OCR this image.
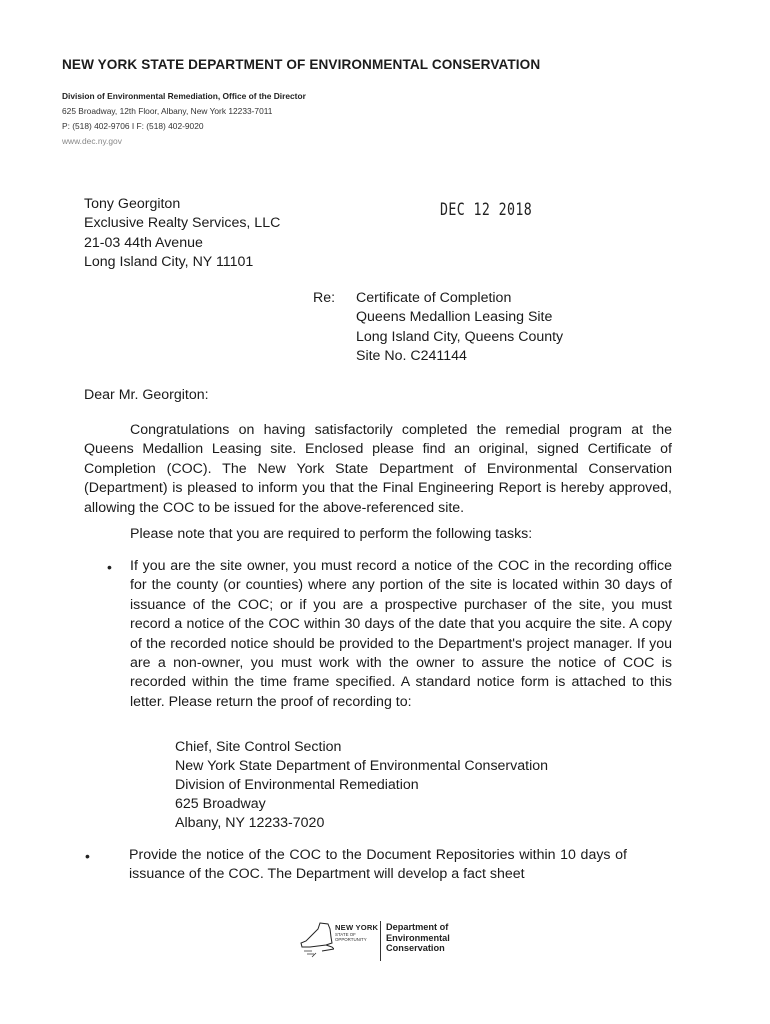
NEW YORK STATE DEPARTMENT OF ENVIRONMENTAL CONSERVATION
Division of Environmental Remediation, Office of the Director
625 Broadway, 12th Floor, Albany, New York 12233-7011
P: (518) 402-9706 I F: (518) 402-9020
www.dec.ny.gov
Tony Georgiton
Exclusive Realty Services, LLC
21-03 44th Avenue
Long Island City, NY 11101
DEC 12 2018
Re: Certificate of Completion
Queens Medallion Leasing Site
Long Island City, Queens County
Site No. C241144
Dear Mr. Georgiton:
Congratulations on having satisfactorily completed the remedial program at the Queens Medallion Leasing site. Enclosed please find an original, signed Certificate of Completion (COC). The New York State Department of Environmental Conservation (Department) is pleased to inform you that the Final Engineering Report is hereby approved, allowing the COC to be issued for the above-referenced site.
Please note that you are required to perform the following tasks:
• If you are the site owner, you must record a notice of the COC in the recording office for the county (or counties) where any portion of the site is located within 30 days of issuance of the COC; or if you are a prospective purchaser of the site, you must record a notice of the COC within 30 days of the date that you acquire the site. A copy of the recorded notice should be provided to the Department's project manager. If you are a non-owner, you must work with the owner to assure the notice of COC is recorded within the time frame specified. A standard notice form is attached to this letter. Please return the proof of recording to:
Chief, Site Control Section
New York State Department of Environmental Conservation
Division of Environmental Remediation
625 Broadway
Albany, NY 12233-7020
•	Provide the notice of the COC to the Document Repositories within 10 days of issuance of the COC. The Department will develop a fact sheet
NEW YORK
STATE OF
OPPORTUNITY
Department of
Environmental
Conservation
